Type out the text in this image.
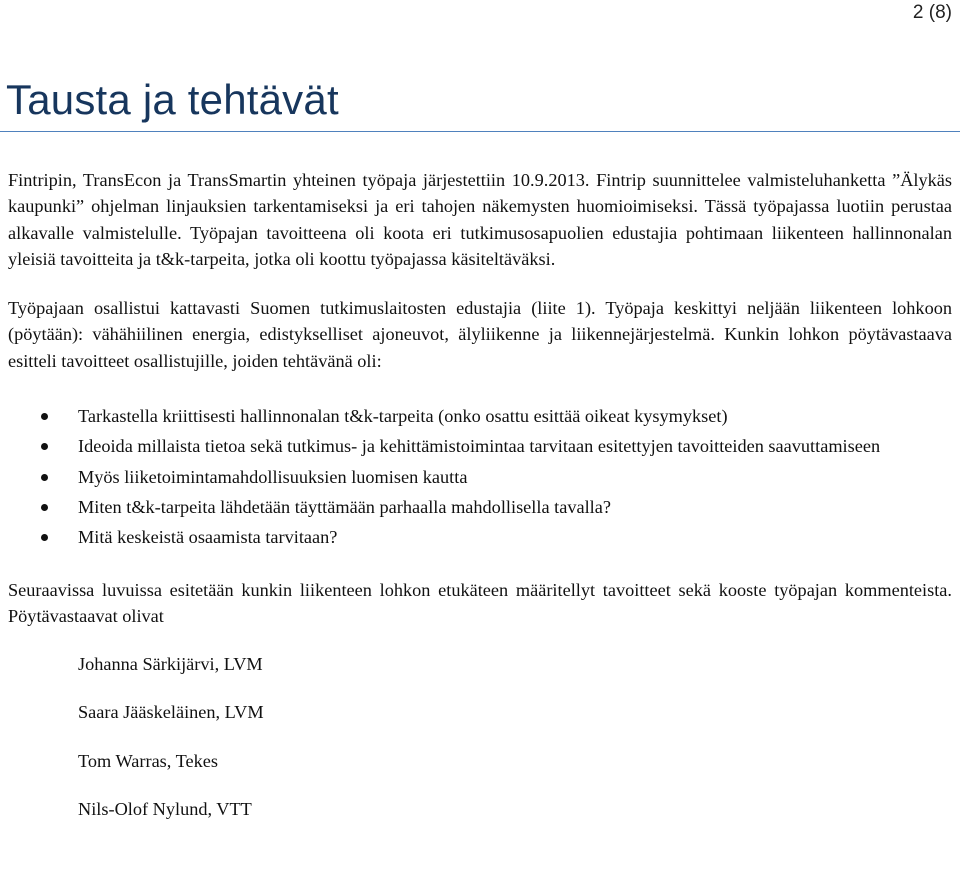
2 (8)
Tausta ja tehtävät

Fintripin, TransEcon ja TransSmartin yhteinen työpaja järjestettiin 10.9.2013. Fintrip suunnittelee valmisteluhanketta ”Älykäs kaupunki” ohjelman linjauksien tarkentamiseksi ja eri tahojen näkemysten huomioimiseksi. Tässä työpajassa luotiin perustaa alkavalle valmistelulle. Työpajan tavoitteena oli koota eri tutkimusosapuolien edustajia pohtimaan liikenteen hallinnonalan yleisiä tavoitteita ja t&k-tarpeita, jotka oli koottu työpajassa käsiteltäväksi.

Työpajaan osallistui kattavasti Suomen tutkimuslaitosten edustajia (liite 1). Työpaja keskittyi neljään liikenteen lohkoon (pöytään): vähähiilinen energia, edistykselliset ajoneuvot, älyliikenne ja liikennejärjestelmä. Kunkin lohkon pöytävastaava esitteli tavoitteet osallistujille, joiden tehtävänä oli:

Tarkastella kriittisesti hallinnonalan t&k-tarpeita (onko osattu esittää oikeat kysymykset)
Ideoida millaista tietoa sekä tutkimus- ja kehittämistoimintaa tarvitaan esitettyjen tavoitteiden saavuttamiseen
Myös liiketoimintamahdollisuuksien luomisen kautta
Miten t&k-tarpeita lähdetään täyttämään parhaalla mahdollisella tavalla?
Mitä keskeistä osaamista tarvitaan?

Seuraavissa luvuissa esitetään kunkin liikenteen lohkon etukäteen määritellyt tavoitteet sekä kooste työpajan kommenteista. Pöytävastaavat olivat

Johanna Särkijärvi, LVM
Saara Jääskeläinen, LVM
Tom Warras, Tekes
Nils-Olof Nylund, VTT
